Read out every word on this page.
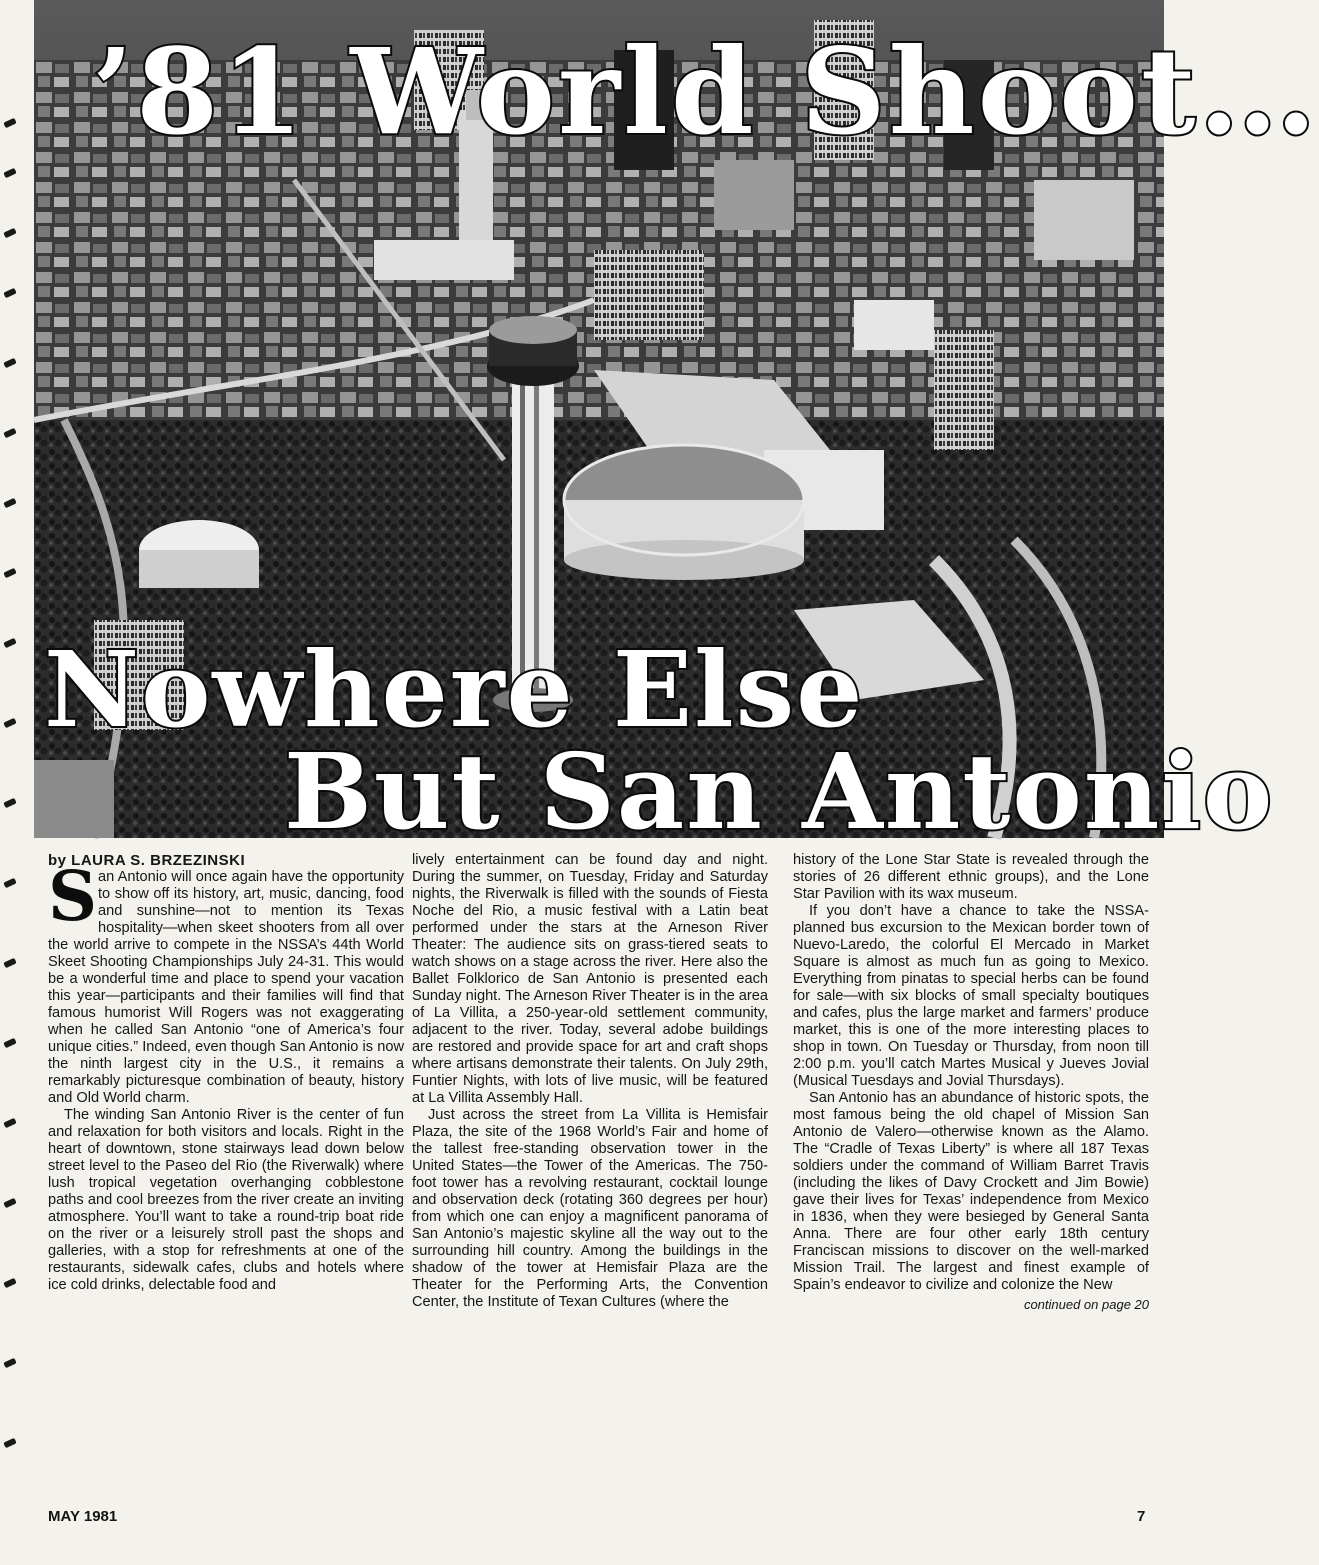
’81 World Shoot…
Nowhere Else
But San Antonio

by LAURA S. BRZEZINSKI

San Antonio will once again have the opportunity to show off its history, art, music, dancing, food and sunshine—not to mention its Texas hospitality—when skeet shooters from all over the world arrive to compete in the NSSA’s 44th World Skeet Shooting Championships July 24-31. This would be a wonderful time and place to spend your vacation this year—participants and their families will find that famous humorist Will Rogers was not exaggerating when he called San Antonio “one of America’s four unique cities.” Indeed, even though San Antonio is now the ninth largest city in the U.S., it remains a remarkably picturesque combination of beauty, history and Old World charm.

The winding San Antonio River is the center of fun and relaxation for both visitors and locals. Right in the heart of downtown, stone stairways lead down below street level to the Paseo del Rio (the Riverwalk) where lush tropical vegetation overhanging cobblestone paths and cool breezes from the river create an inviting atmosphere. You’ll want to take a round-trip boat ride on the river or a leisurely stroll past the shops and galleries, with a stop for refreshments at one of the restaurants, sidewalk cafes, clubs and hotels where ice cold drinks, delectable food and

lively entertainment can be found day and night. During the summer, on Tuesday, Friday and Saturday nights, the Riverwalk is filled with the sounds of Fiesta Noche del Rio, a music festival with a Latin beat performed under the stars at the Arneson River Theater: The audience sits on grass-tiered seats to watch shows on a stage across the river. Here also the Ballet Folklorico de San Antonio is presented each Sunday night. The Arneson River Theater is in the area of La Villita, a 250-year-old settlement community, adjacent to the river. Today, several adobe buildings are restored and provide space for art and craft shops where artisans demonstrate their talents. On July 29th, Funtier Nights, with lots of live music, will be featured at La Villita Assembly Hall.

Just across the street from La Villita is Hemisfair Plaza, the site of the 1968 World’s Fair and home of the tallest free-standing observation tower in the United States—the Tower of the Americas. The 750-foot tower has a revolving restaurant, cocktail lounge and observation deck (rotating 360 degrees per hour) from which one can enjoy a magnificent panorama of San Antonio’s majestic skyline all the way out to the surrounding hill country. Among the buildings in the shadow of the tower at Hemisfair Plaza are the Theater for the Performing Arts, the Convention Center, the Institute of Texan Cultures (where the

history of the Lone Star State is revealed through the stories of 26 different ethnic groups), and the Lone Star Pavilion with its wax museum.

If you don’t have a chance to take the NSSA-planned bus excursion to the Mexican border town of Nuevo-Laredo, the colorful El Mercado in Market Square is almost as much fun as going to Mexico. Everything from pinatas to special herbs can be found for sale—with six blocks of small specialty boutiques and cafes, plus the large market and farmers’ produce market, this is one of the more interesting places to shop in town. On Tuesday or Thursday, from noon till 2:00 p.m. you’ll catch Martes Musical y Jueves Jovial (Musical Tuesdays and Jovial Thursdays).

San Antonio has an abundance of historic spots, the most famous being the old chapel of Mission San Antonio de Valero—otherwise known as the Alamo. The “Cradle of Texas Liberty” is where all 187 Texas soldiers under the command of William Barret Travis (including the likes of Davy Crockett and Jim Bowie) gave their lives for Texas’ independence from Mexico in 1836, when they were besieged by General Santa Anna. There are four other early 18th century Franciscan missions to discover on the well-marked Mission Trail. The largest and finest example of Spain’s endeavor to civilize and colonize the New

continued on page 20
MAY 1981	7
